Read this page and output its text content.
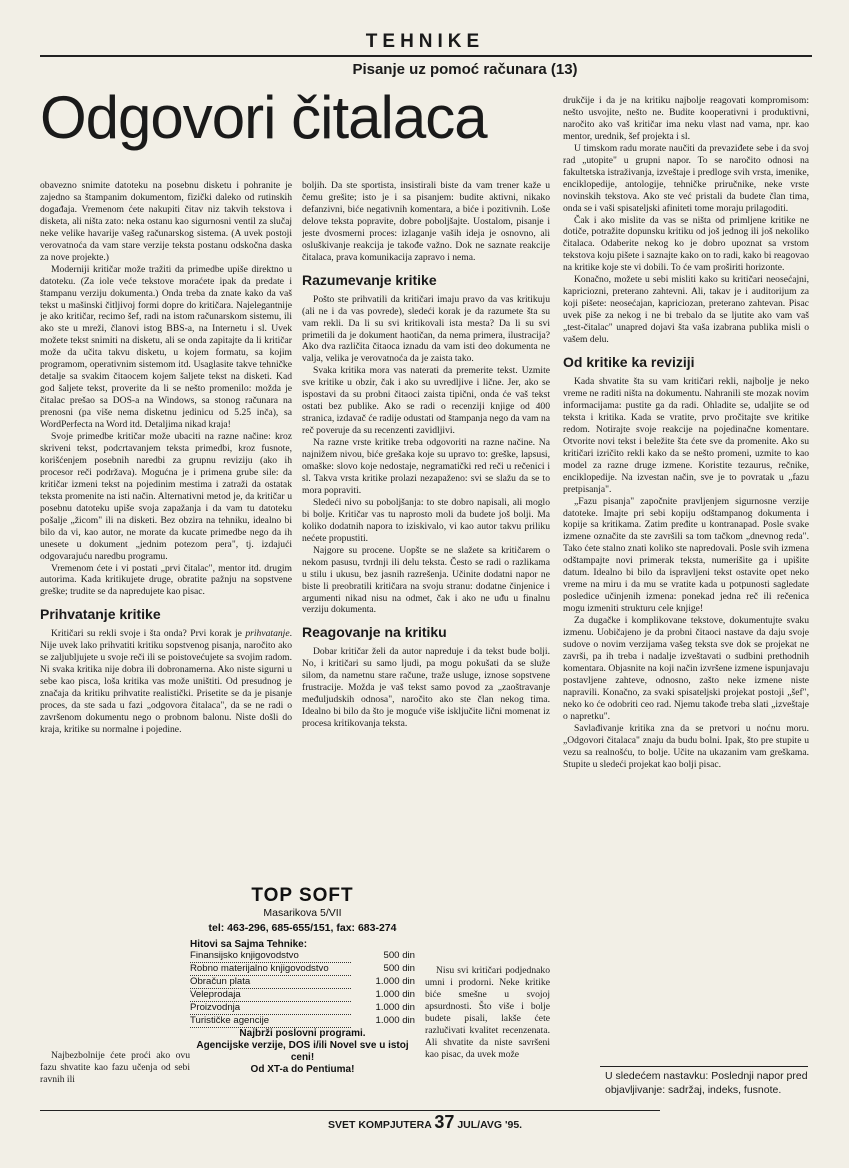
TEHNIKE
Pisanje uz pomoć računara (13)
Odgovori čitalaca

obavezno snimite datoteku na posebnu disketu i pohranite je zajedno sa štampanim dokumentom, fizički daleko od rutinskih događaja. Vremenom ćete nakupiti čitav niz takvih tekstova i disketa, ali ništa zato: neka ostanu kao sigurnosni ventil za slučaj neke velike havarije vašeg računarskog sistema. (A uvek postoji verovatnoća da vam stare verzije teksta postanu odskočna daska za nove projekte.)

Moderniji kritičar može tražiti da primedbe upiše direktno u datoteku. (Za iole veće tekstove moraćete ipak da predate i štampanu verziju dokumenta.) Onda treba da znate kako da vaš tekst u mašinski čitljivoj formi dopre do kritičara. Najelegantnije je ako kritičar, recimo šef, radi na istom računarskom sistemu, ili ako ste u mreži, članovi istog BBS-a, na Internetu i sl. Uvek možete tekst snimiti na disketu, ali se onda zapitajte da li kritičar može da učita takvu disketu, u kojem formatu, sa kojim programom, operativnim sistemom itd. Usaglasite takve tehničke detalje sa svakim čitaocem kojem šaljete tekst na disketi. Kad god šaljete tekst, proverite da li se nešto promenilo: možda je čitalac prešao sa DOS-a na Windows, sa stonog računara na prenosni (pa više nema disketnu jedinicu od 5.25 inča), sa WordPerfecta na Word itd. Detaljima nikad kraja!

Svoje primedbe kritičar može ubaciti na razne načine: kroz skriveni tekst, podcrtavanjem teksta primedbi, kroz fusnote, korišćenjem posebnih naredbi za grupnu reviziju (ako ih procesor reči podržava). Mogućna je i primena grube sile: da kritičar izmeni tekst na pojedinim mestima i zatraži da ostatak teksta promenite na isti način. Alternativni metod je, da kritičar u posebnu datoteku upiše svoja zapažanja i da vam tu datoteku pošalje „žicom" ili na disketi. Bez obzira na tehniku, idealno bi bilo da vi, kao autor, ne morate da kucate primedbe nego da ih unesete u dokument „jednim potezom pera", tj. izdajući odgovarajuću naredbu programu.

Vremenom ćete i vi postati „prvi čitalac", mentor itd. drugim autorima. Kada kritikujete druge, obratite pažnju na sopstvene greške; trudite se da napredujete kao pisac.

Prihvatanje kritike

Kritičari su rekli svoje i šta onda? Prvi korak je prihvatanje. Nije uvek lako prihvatiti kritiku sopstvenog pisanja, naročito ako se zaljubljujete u svoje reči ili se poistovećujete sa svojim radom. Ni svaka kritika nije dobra ili dobronamerna. Ako niste sigurni u sebe kao pisca, loša kritika vas može uništiti. Od presudnog je značaja da kritiku prihvatite realistički. Prisetite se da je pisanje proces, da ste sada u fazi „odgovora čitalaca", da se ne radi o završenom dokumentu nego o probnom balonu. Niste došli do kraja, kritike su normalne i pojedine.

Najbezbolnije ćete proći ako ovu fazu shvatite kao fazu učenja od sebi ravnih ili

boljih. Da ste sportista, insistirali biste da vam trener kaže u čemu grešite; isto je i sa pisanjem: budite aktivni, nikako defanzivni, biće negativnih komentara, a biće i pozitivnih. Loše delove teksta popravite, dobre poboljšajte. Uostalom, pisanje i jeste dvosmerni proces: izlaganje vaših ideja je osnovno, ali osluškivanje reakcija je takođe važno. Dok ne saznate reakcije čitalaca, prava komunikacija zapravo i nema.

Razumevanje kritike

Pošto ste prihvatili da kritičari imaju pravo da vas kritikuju (ali ne i da vas povrede), sledeći korak je da razumete šta su vam rekli. Da li su svi kritikovali ista mesta? Da li su svi primetili da je dokument haotičan, da nema primera, ilustracija? Ako dva različita čitaoca iznadu da vam isti deo dokumenta ne valja, velika je verovatnoća da je zaista tako.

Svaka kritika mora vas naterati da premerite tekst. Uzmite sve kritike u obzir, čak i ako su uvredljive i lične. Jer, ako se ispostavi da su probni čitaoci zaista tipični, onda će vaš tekst ostati bez publike. Ako se radi o recenziji knjige od 400 stranica, izdavač će radije odustati od štampanja nego da vam na reč poveruje da su recenzenti zavidljivi.

Na razne vrste kritike treba odgovoriti na razne načine. Na najnižem nivou, biće grešaka koje su upravo to: greške, lapsusi, omaške: slovo koje nedostaje, negramatički red reči u rečenici i sl. Takva vrsta kritike prolazi nezapaženo: svi se slažu da se to mora popraviti.

Sledeći nivo su poboljšanja: to ste dobro napisali, ali moglo bi bolje. Kritičar vas tu naprosto moli da budete još bolji. Ma koliko dodatnih napora to iziskivalo, vi kao autor takvu priliku nećete propustiti.

Najgore su procene. Uopšte se ne slažete sa kritičarem o nekom pasusu, tvrdnji ili delu teksta. Često se radi o razlikama u stilu i ukusu, bez jasnih razrešenja. Učinite dodatni napor ne biste li preobratili kritičara na svoju stranu: dodatne činjenice i argumenti nikad nisu na odmet, čak i ako ne uđu u finalnu verziju dokumenta.

Reagovanje na kritiku

Dobar kritičar želi da autor napreduje i da tekst bude bolji. No, i kritičari su samo ljudi, pa mogu pokušati da se služe silom, da nametnu stare račune, traže usluge, iznose sopstvene frustracije. Možda je vaš tekst samo povod za „zaoštravanje međuljudskih odnosa", naročito ako ste član nekog tima. Idealno bi bilo da što je moguće više isključite lični momenat iz procesa kritikovanja teksta.

Nisu svi kritičari podjednako umni i prodorni. Neke kritike biće smešne u svojoj apsurdnosti. Što više i bolje budete pisali, lakše ćete razlučivati kvalitet recenzenata. Ali shvatite da niste savršeni kao pisac, da uvek može

TOP SOFT
Masarikova 5/VII
tel: 463-296, 685-655/151, fax: 683-274
Hitovi sa Sajma Tehnike:
Finansijsko knjigovodstvo	500 din
Robno materijalno knjigovodstvo	500 din
Obračun plata	1.000 din
Veleprodaja	1.000 din
Proizvodnja	1.000 din
Turističke agencije	1.000 din
Najbrži poslovni programi.
Agencijske verzije, DOS i/ili Novel sve u istoj ceni!
Od XT-a do Pentiuma!

drukčije i da je na kritiku najbolje reagovati kompromisom: nešto usvojite, nešto ne. Budite kooperativni i produktivni, naročito ako vaš kritičar ima neku vlast nad vama, npr. kao mentor, urednik, šef projekta i sl.

U timskom radu morate naučiti da prevaziđete sebe i da svoj rad „utopite" u grupni napor. To se naročito odnosi na fakultetska istraživanja, izveštaje i predloge svih vrsta, imenike, enciklopedije, antologije, tehničke priručnike, neke vrste novinskih tekstova. Ako ste već pristali da budete član tima, onda se i vaši spisateljski afiniteti tome moraju prilagoditi.

Čak i ako mislite da vas se ništa od primljene kritike ne dotiče, potražite dopunsku kritiku od još jednog ili još nekoliko čitalaca. Odaberite nekog ko je dobro upoznat sa vrstom tekstova koju pišete i saznajte kako on to radi, kako bi reagovao na kritike koje ste vi dobili. To će vam proširiti horizonte.

Konačno, možete u sebi misliti kako su kritičari neosećajni, kapriciozni, preterano zahtevni. Ali, takav je i auditorijum za koji pišete: neosećajan, kapriciozan, preterano zahtevan. Pisac uvek piše za nekog i ne bi trebalo da se ljutite ako vam vaš „test-čitalac" unapred dojavi šta vaša izabrana publika misli o vašem delu.

Od kritike ka reviziji

Kada shvatite šta su vam kritičari rekli, najbolje je neko vreme ne raditi ništa na dokumentu. Nahranili ste mozak novim informacijama: pustite ga da radi. Ohladite se, udaljite se od teksta i kritika. Kada se vratite, prvo pročitajte sve kritike redom. Notirajte svoje reakcije na pojedinačne komentare. Otvorite novi tekst i beležite šta ćete sve da promenite. Ako su kritičari izričito rekli kako da se nešto promeni, uzmite to kao model za razne druge izmene. Koristite tezaurus, rečnike, enciklopedije. Na izvestan način, sve je to povratak u „fazu pretpisanja".

„Fazu pisanja" započnite pravljenjem sigurnosne verzije datoteke. Imajte pri sebi kopiju odštampanog dokumenta i kopije sa kritikama. Zatim pređite u kontranapad. Posle svake izmene označite da ste završili sa tom tačkom „dnevnog reda". Tako ćete stalno znati koliko ste napredovali. Posle svih izmena odštampajte novi primerak teksta, numerišite ga i upišite datum. Idealno bi bilo da ispravljeni tekst ostavite opet neko vreme na miru i da mu se vratite kada u potpunosti sagledate posledice učinjenih izmena: ponekad jedna reč ili rečenica mogu izmeniti strukturu cele knjige!

Za dugačke i komplikovane tekstove, dokumentujte svaku izmenu. Uobičajeno je da probni čitaoci nastave da daju svoje sudove o novim verzijama vašeg teksta sve dok se projekat ne završi, pa ih treba i nadalje izveštavati o sudbini prethodnih komentara. Objasnite na koji način izvršene izmene ispunjavaju postavljene zahteve, odnosno, zašto neke izmene niste napravili. Konačno, za svaki spisateljski projekat postoji „šef", neko ko će odobriti ceo rad. Njemu takođe treba slati „izveštaje o napretku".

Savlađivanje kritika zna da se pretvori u noćnu moru. „Odgovori čitalaca" znaju da budu bolni. Ipak, što pre stupite u vezu sa realnošću, to bolje. Učite na ukazanim vam greškama. Stupite u sledeći projekat kao bolji pisac.

U sledećem nastavku: Poslednji napor pred objavljivanje: sadržaj, indeks, fusnote.
SVET KOMPJUTERA 37 JUL/AVG '95.
